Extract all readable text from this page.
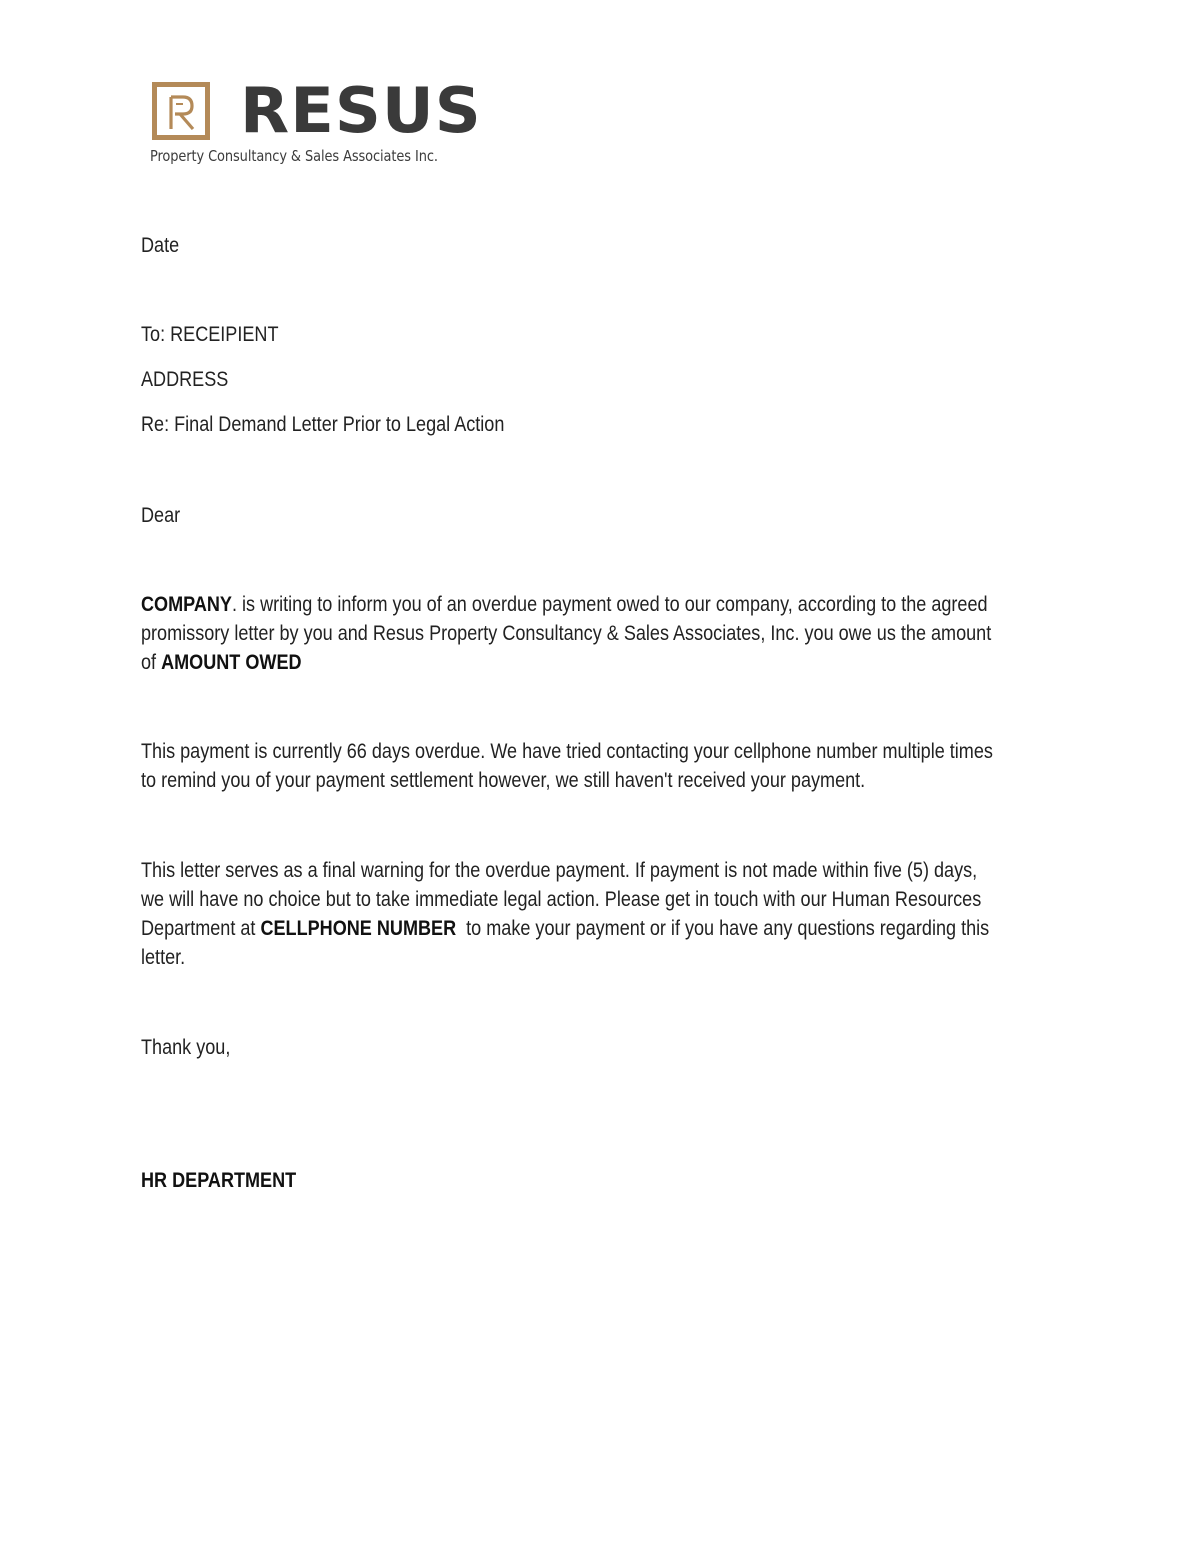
RESUS
Property Consultancy & Sales Associates Inc.
Date
To: RECEIPIENT
ADDRESS
Re: Final Demand Letter Prior to Legal Action
Dear
COMPANY. is writing to inform you of an overdue payment owed to our company, according to the agreed
promissory letter by you and Resus Property Consultancy & Sales Associates, Inc. you owe us the amount
of AMOUNT OWED
This payment is currently 66 days overdue. We have tried contacting your cellphone number multiple times
to remind you of your payment settlement however, we still haven't received your payment.
This letter serves as a final warning for the overdue payment. If payment is not made within five (5) days,
we will have no choice but to take immediate legal action. Please get in touch with our Human Resources
Department at CELLPHONE NUMBER  to make your payment or if you have any questions regarding this
letter.
Thank you,
HR DEPARTMENT
